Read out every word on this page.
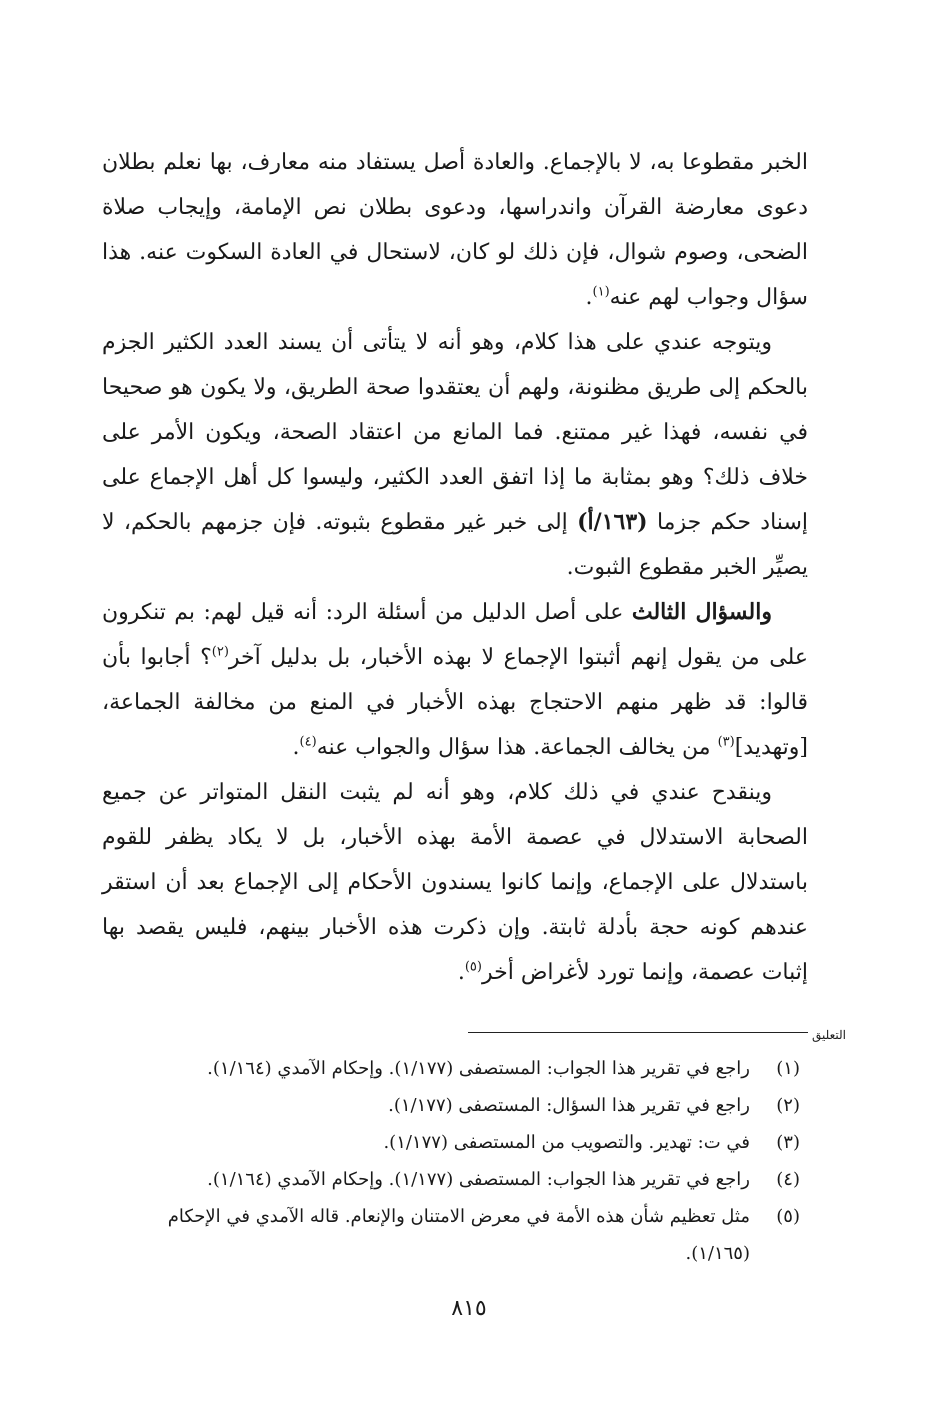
الخبر مقطوعا به، لا بالإجماع. والعادة أصل يستفاد منه معارف، بها نعلم بطلان دعوى معارضة القرآن واندراسها، ودعوى بطلان نص الإمامة، وإيجاب صلاة الضحى، وصوم شوال، فإن ذلك لو كان، لاستحال في العادة السكوت عنه. هذا سؤال وجواب لهم عنه$^{(١)}$.

ويتوجه عندي على هذا كلام، وهو أنه لا يتأتى أن يسند العدد الكثير الجزم بالحكم إلى طريق مظنونة، ولهم أن يعتقدوا صحة الطريق، ولا يكون هو صحيحا في نفسه، فهذا غير ممتنع. فما المانع من اعتقاد الصحة، ويكون الأمر على خلاف ذلك؟ وهو بمثابة ما إذا اتفق العدد الكثير، وليسوا كل أهل الإجماع على إسناد حكم جزما (١٦٣/أ) إلى خبر غير مقطوع بثبوته. فإن جزمهم بالحكم، لا يصيِّر الخبر مقطوع الثبوت.

والسؤال الثالث على أصل الدليل من أسئلة الرد: أنه قيل لهم: بم تنكرون على من يقول إنهم أثبتوا الإجماع لا بهذه الأخبار، بل بدليل آخر$^{(٢)}$؟ أجابوا بأن قالوا: قد ظهر منهم الاحتجاج بهذه الأخبار في المنع من مخالفة الجماعة، [وتهديد]$^{(٣)}$ من يخالف الجماعة. هذا سؤال والجواب عنه$^{(٤)}$.

وينقدح عندي في ذلك كلام، وهو أنه لم يثبت النقل المتواتر عن جميع الصحابة الاستدلال في عصمة الأمة بهذه الأخبار، بل لا يكاد يظفر للقوم باستدلال على الإجماع، وإنما كانوا يسندون الأحكام إلى الإجماع بعد أن استقر عندهم كونه حجة بأدلة ثابتة. وإن ذكرت هذه الأخبار بينهم، فليس يقصد بها إثبات عصمة، وإنما تورد لأغراض أخر$^{(٥)}$.

التعليق
(١)
راجع في تقرير هذا الجواب: المستصفى (١/١٧٧). وإحكام الآمدي (١/١٦٤).
(٢)
راجع في تقرير هذا السؤال: المستصفى (١/١٧٧).
(٣)
في ت: تهدير. والتصويب من المستصفى (١/١٧٧).
(٤)
راجع في تقرير هذا الجواب: المستصفى (١/١٧٧). وإحكام الآمدي (١/١٦٤).
(٥)
مثل تعظيم شأن هذه الأمة في معرض الامتنان والإنعام. قاله الآمدي في الإحكام (١/١٦٥).
٨١٥
